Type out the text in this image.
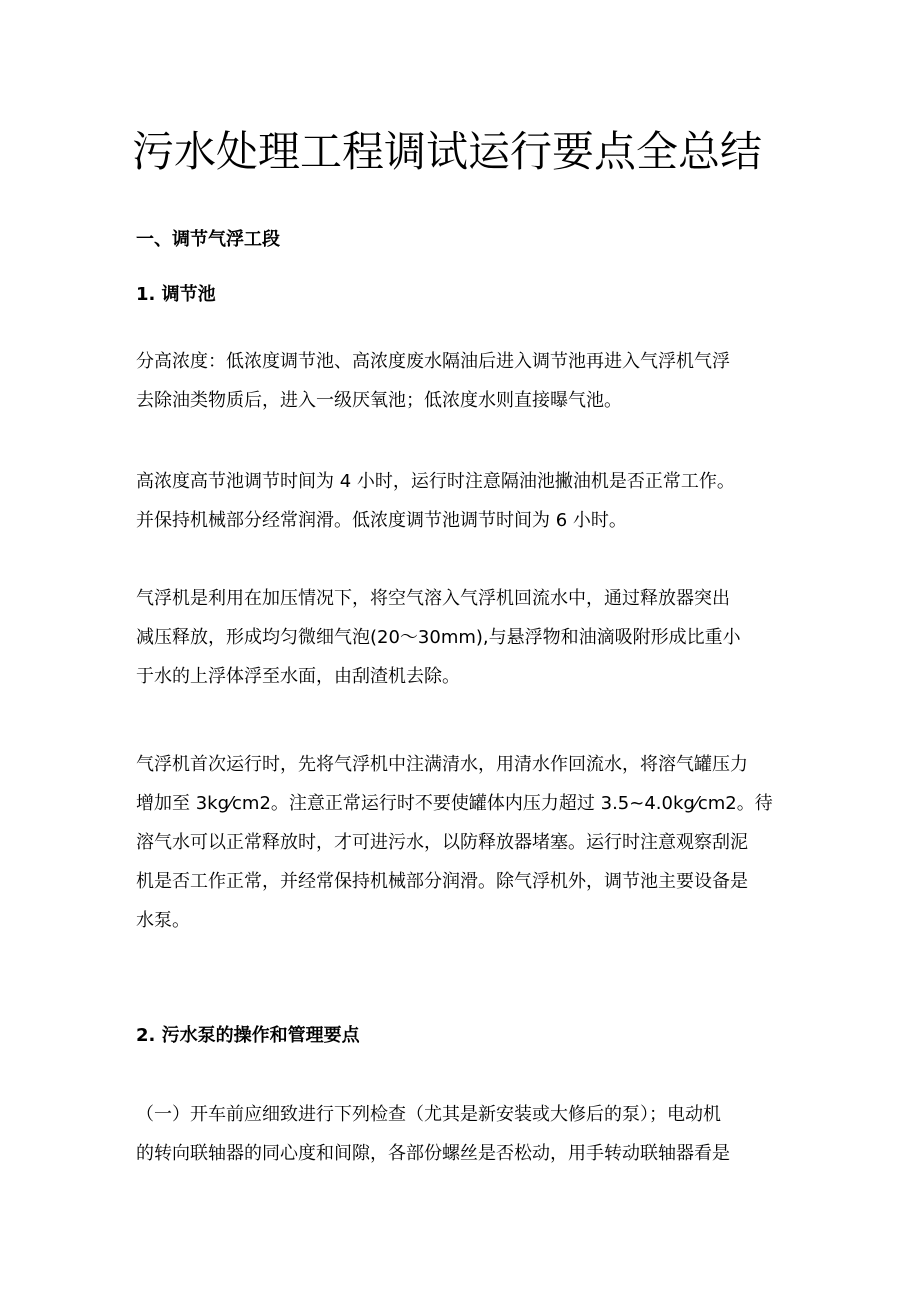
污水处理工程调试运行要点全总结
一、调节气浮工段
1. 调节池
分高浓度：低浓度调节池、高浓度废水隔油后进入调节池再进入气浮机气浮
去除油类物质后，进入一级厌氧池；低浓度水则直接曝气池。
高浓度高节池调节时间为 4 小时，运行时注意隔油池撇油机是否正常工作。
并保持机械部分经常润滑。低浓度调节池调节时间为 6 小时。
气浮机是利用在加压情况下，将空气溶入气浮机回流水中，通过释放器突出
减压释放，形成均匀微细气泡(20～30mm),与悬浮物和油滴吸附形成比重小
于水的上浮体浮至水面，由刮渣机去除。
气浮机首次运行时，先将气浮机中注满清水，用清水作回流水，将溶气罐压力
增加至 3kg⁄cm2。注意正常运行时不要使罐体内压力超过 3.5~4.0kg⁄cm2。待
溶气水可以正常释放时，才可进污水，以防释放器堵塞。运行时注意观察刮泥
机是否工作正常，并经常保持机械部分润滑。除气浮机外，调节池主要设备是
水泵。
2. 污水泵的操作和管理要点
（一）开车前应细致进行下列检查（尤其是新安装或大修后的泵）；电动机
的转向联轴器的同心度和间隙，各部份螺丝是否松动，用手转动联轴器看是
